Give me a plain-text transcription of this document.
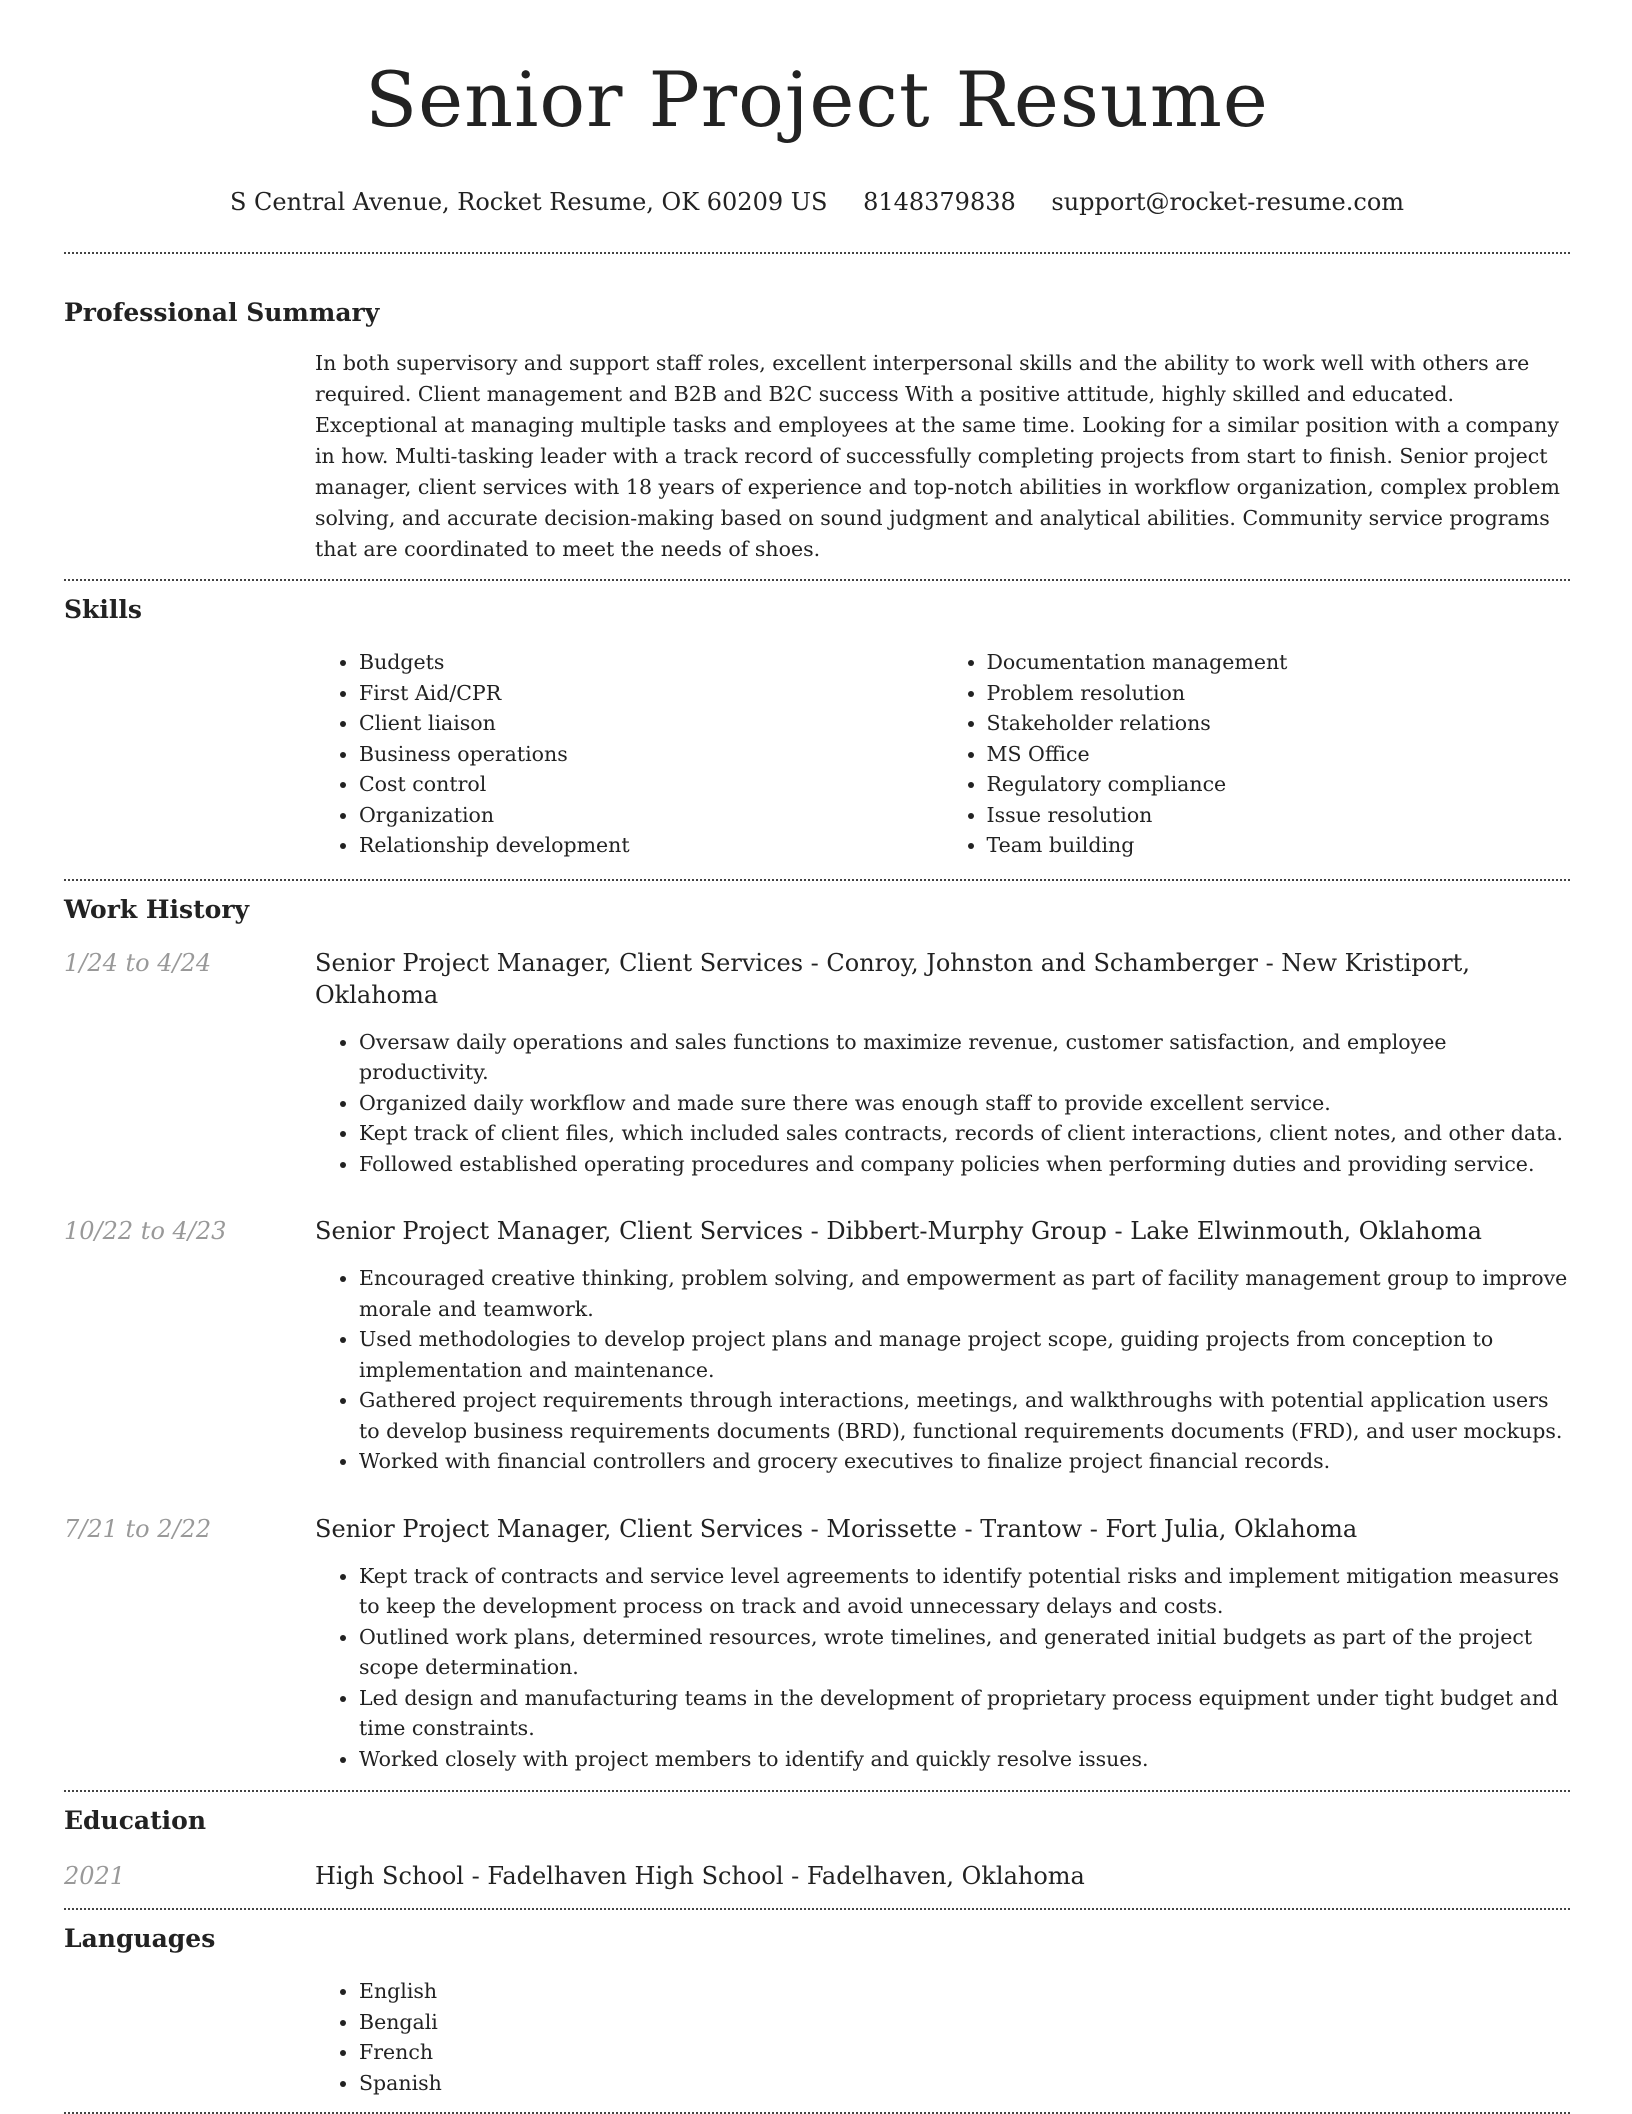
Senior Project Resume
S Central Avenue, Rocket Resume, OK 60209 US 8148379838 support@rocket-resume.com
Professional Summary

In both supervisory and support staff roles, excellent interpersonal skills and the ability to work well with others are required. Client management and B2B and B2C success With a positive attitude, highly skilled and educated. Exceptional at managing multiple tasks and employees at the same time. Looking for a similar position with a company in how. Multi-tasking leader with a track record of successfully completing projects from start to finish. Senior project manager, client services with 18 years of experience and top-notch abilities in workflow organization, complex problem solving, and accurate decision-making based on sound judgment and analytical abilities. Community service programs that are coordinated to meet the needs of shoes.

Skills
• Budgets
• First Aid/CPR
• Client liaison
• Business operations
• Cost control
• Organization
• Relationship development
• Documentation management
• Problem resolution
• Stakeholder relations
• MS Office
• Regulatory compliance
• Issue resolution
• Team building
Work History
1/24 to 4/24	Senior Project Manager, Client Services - Conroy, Johnston and Schamberger - New Kristiport, Oklahoma
• Oversaw daily operations and sales functions to maximize revenue, customer satisfaction, and employee productivity.
• Organized daily workflow and made sure there was enough staff to provide excellent service.
• Kept track of client files, which included sales contracts, records of client interactions, client notes, and other data.
• Followed established operating procedures and company policies when performing duties and providing service.
10/22 to 4/23	Senior Project Manager, Client Services - Dibbert-Murphy Group - Lake Elwinmouth, Oklahoma
• Encouraged creative thinking, problem solving, and empowerment as part of facility management group to improve morale and teamwork.
• Used methodologies to develop project plans and manage project scope, guiding projects from conception to implementation and maintenance.
• Gathered project requirements through interactions, meetings, and walkthroughs with potential application users to develop business requirements documents (BRD), functional requirements documents (FRD), and user mockups.
• Worked with financial controllers and grocery executives to finalize project financial records.
7/21 to 2/22	Senior Project Manager, Client Services - Morissette - Trantow - Fort Julia, Oklahoma
• Kept track of contracts and service level agreements to identify potential risks and implement mitigation measures to keep the development process on track and avoid unnecessary delays and costs.
• Outlined work plans, determined resources, wrote timelines, and generated initial budgets as part of the project scope determination.
• Led design and manufacturing teams in the development of proprietary process equipment under tight budget and time constraints.
• Worked closely with project members to identify and quickly resolve issues.
Education
2021	High School - Fadelhaven High School - Fadelhaven, Oklahoma
Languages
• English
• Bengali
• French
• Spanish
